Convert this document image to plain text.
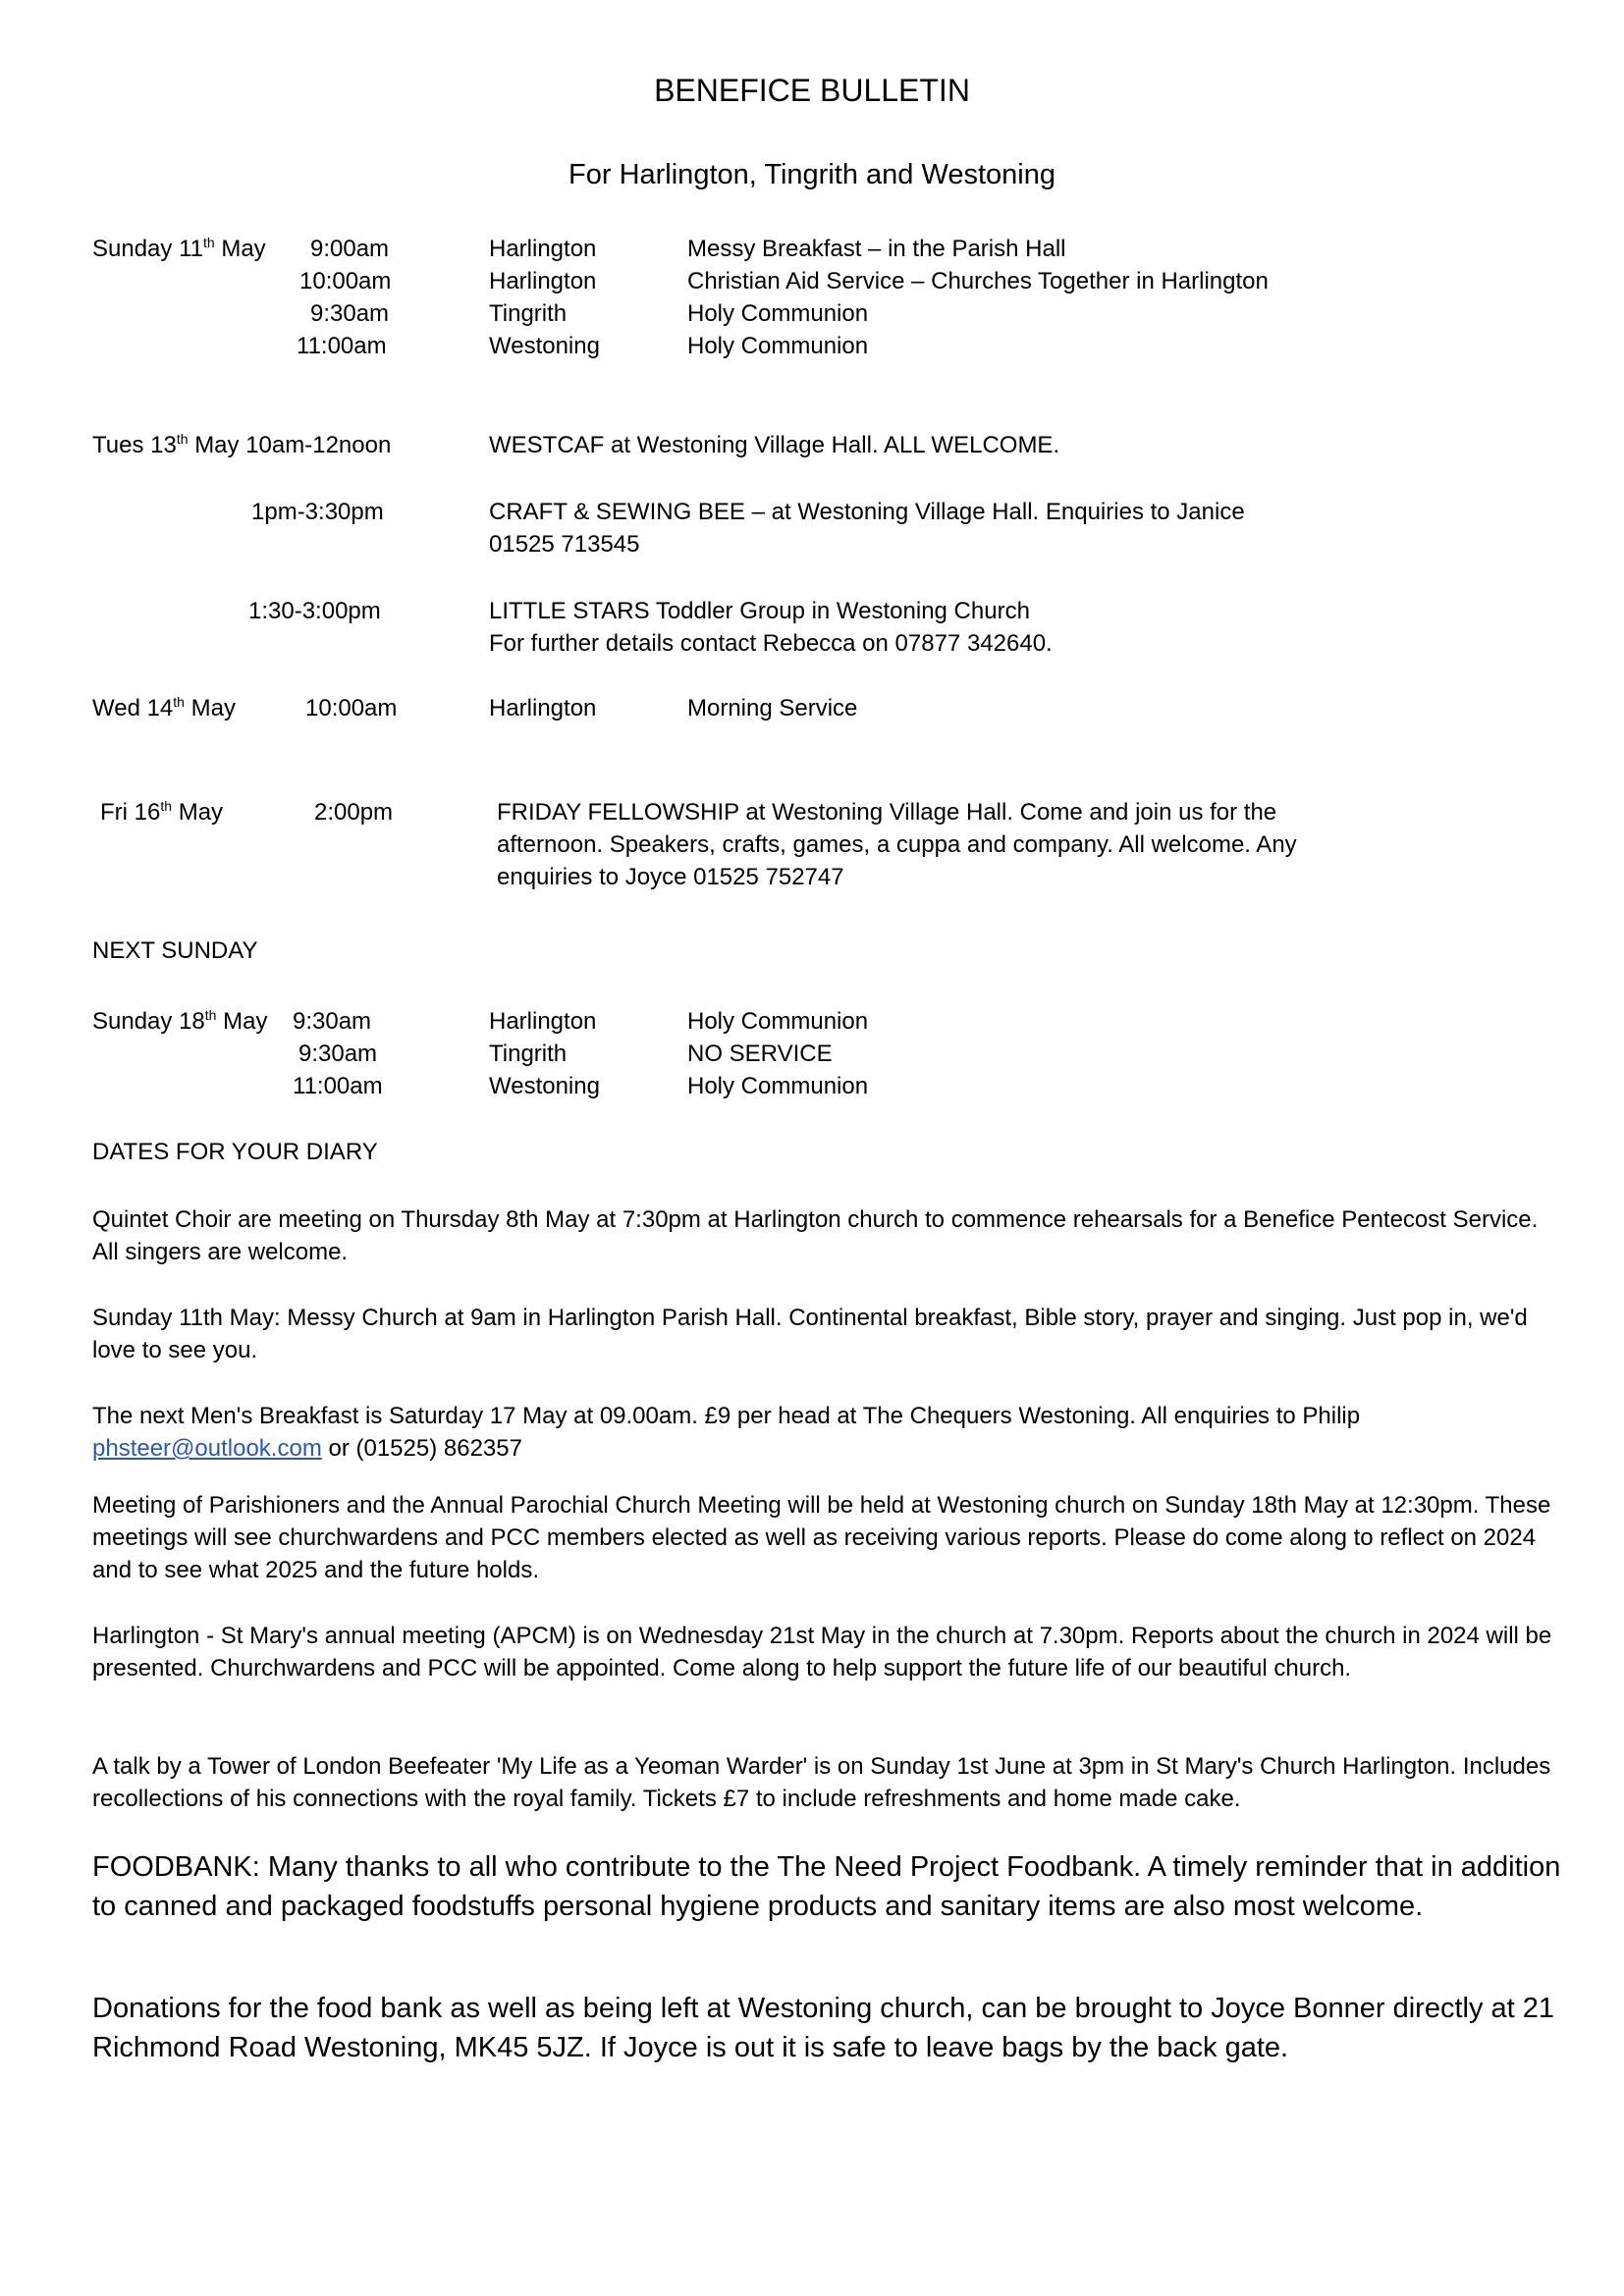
BENEFICE BULLETIN
For Harlington, Tingrith and Westoning
Sunday 11th May 9:00am	Harlington	Messy Breakfast – in the Parish Hall
10:00am	Harlington	Christian Aid Service – Churches Together in Harlington
9:30am	Tingrith	Holy Communion
11:00am	Westoning	Holy Communion
Tues 13th May 10am-12noon	WESTCAF at Westoning Village Hall. ALL WELCOME.
1pm-3:30pm	CRAFT & SEWING BEE – at Westoning Village Hall. Enquiries to Janice
01525 713545
1:30-3:00pm	LITTLE STARS Toddler Group in Westoning Church
For further details contact Rebecca on 07877 342640.
Wed 14th May	10:00am	Harlington	Morning Service
Fri 16th May	2:00pm	FRIDAY FELLOWSHIP at Westoning Village Hall. Come and join us for the
afternoon. Speakers, crafts, games, a cuppa and company. All welcome. Any
enquiries to Joyce 01525 752747
NEXT SUNDAY
Sunday 18th May 9:30am	Harlington	Holy Communion
9:30am	Tingrith	NO SERVICE
11:00am	Westoning	Holy Communion
DATES FOR YOUR DIARY
Quintet Choir are meeting on Thursday 8th May at 7:30pm at Harlington church to commence rehearsals for a Benefice Pentecost Service. All singers are welcome.
Sunday 11th May: Messy Church at 9am in Harlington Parish Hall. Continental breakfast, Bible story, prayer and singing. Just pop in, we'd love to see you.
The next Men's Breakfast is Saturday 17 May at 09.00am. £9 per head at The Chequers Westoning. All enquiries to Philip
phsteer@outlook.com or (01525) 862357
Meeting of Parishioners and the Annual Parochial Church Meeting will be held at Westoning church on Sunday 18th May at 12:30pm. These meetings will see churchwardens and PCC members elected as well as receiving various reports. Please do come along to reflect on 2024 and to see what 2025 and the future holds.
Harlington - St Mary's annual meeting (APCM) is on Wednesday 21st May in the church at 7.30pm. Reports about the church in 2024 will be presented. Churchwardens and PCC will be appointed. Come along to help support the future life of our beautiful church.
A talk by a Tower of London Beefeater 'My Life as a Yeoman Warder' is on Sunday 1st June at 3pm in St Mary's Church Harlington. Includes recollections of his connections with the royal family. Tickets £7 to include refreshments and home made cake.
FOODBANK: Many thanks to all who contribute to the The Need Project Foodbank. A timely reminder that in addition to canned and packaged foodstuffs personal hygiene products and sanitary items are also most welcome.
Donations for the food bank as well as being left at Westoning church, can be brought to Joyce Bonner directly at 21 Richmond Road Westoning, MK45 5JZ. If Joyce is out it is safe to leave bags by the back gate.
